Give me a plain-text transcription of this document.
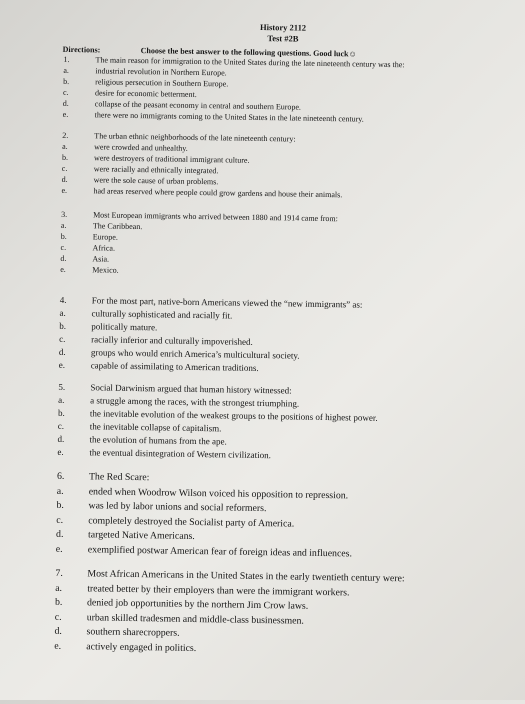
History 2112
Test #2B
Directions:	Choose the best answer to the following questions. Good luck☺
1.	The main reason for immigration to the United States during the late nineteenth century was the:
a.	industrial revolution in Northern Europe.
b.	religious persecution in Southern Europe.
c.	desire for economic betterment.
d.	collapse of the peasant economy in central and southern Europe.
e.	there were no immigrants coming to the United States in the late nineteenth century.
2.	The urban ethnic neighborhoods of the late nineteenth century:
a.	were crowded and unhealthy.
b.	were destroyers of traditional immigrant culture.
c.	were racially and ethnically integrated.
d.	were the sole cause of urban problems.
e.	had areas reserved where people could grow gardens and house their animals.
3.	Most European immigrants who arrived between 1880 and 1914 came from:
a.	The Caribbean.
b.	Europe.
c.	Africa.
d.	Asia.
e.	Mexico.
4.	For the most part, native-born Americans viewed the “new immigrants” as:
a.	culturally sophisticated and racially fit.
b.	politically mature.
c.	racially inferior and culturally impoverished.
d.	groups who would enrich America’s multicultural society.
e.	capable of assimilating to American traditions.
5.	Social Darwinism argued that human history witnessed:
a.	a struggle among the races, with the strongest triumphing.
b.	the inevitable evolution of the weakest groups to the positions of highest power.
c.	the inevitable collapse of capitalism.
d.	the evolution of humans from the ape.
e.	the eventual disintegration of Western civilization.
6. The Red Scare:
a.	ended when Woodrow Wilson voiced his opposition to repression.
b. was led by labor unions and social reformers.
c.	completely destroyed the Socialist party of America.
d. targeted Native Americans.
e.	exemplified postwar American fear of foreign ideas and influences.
7. Most African Americans in the United States in the early twentieth century were:
a.	treated better by their employers than were the immigrant workers.
b. denied job opportunities by the northern Jim Crow laws.
c.	urban skilled tradesmen and middle-class businessmen.
d. southern sharecroppers.
e.	actively engaged in politics.
